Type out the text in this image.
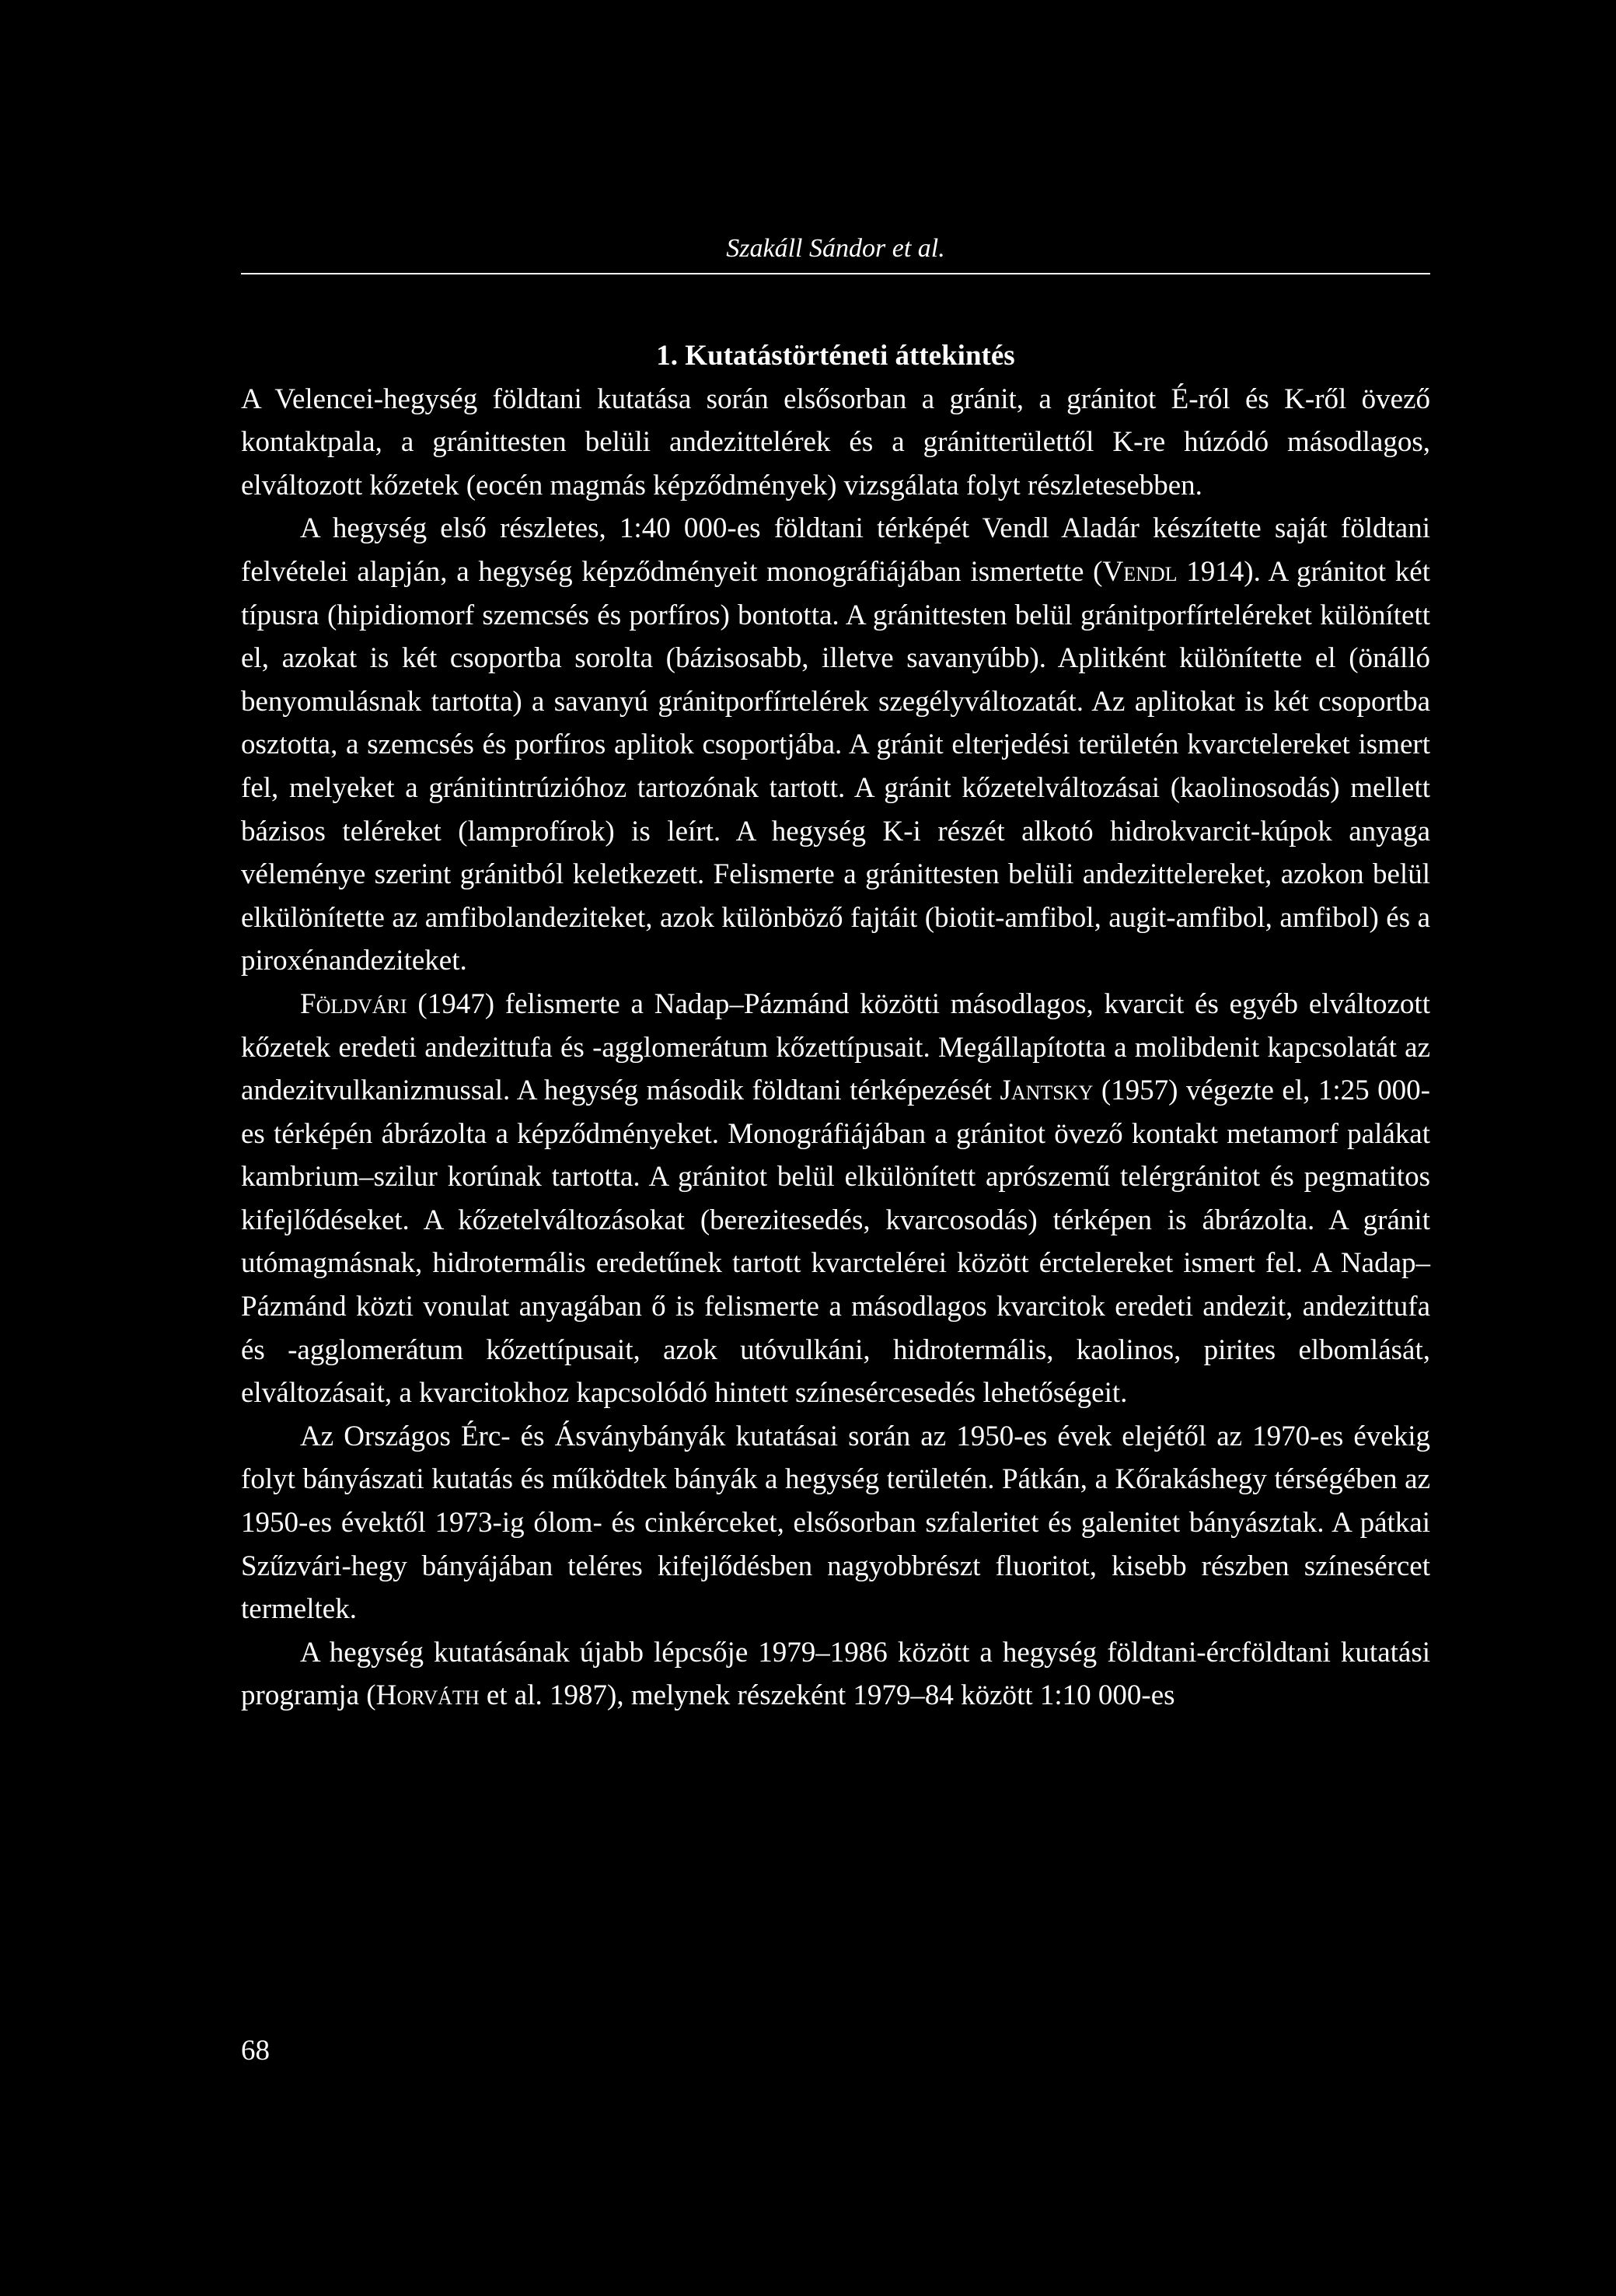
Szakáll Sándor et al.
1. Kutatástörténeti áttekintés

A Velencei-hegység földtani kutatása során elsősorban a gránit, a gránitot É-ról és K-ről övező kontaktpala, a gránittesten belüli andezittelérek és a gránitterülettől K-re húzódó másodlagos, elváltozott kőzetek (eocén magmás képződmények) vizsgálata folyt részletesebben.

A hegység első részletes, 1:40 000-es földtani térképét Vendl Aladár készítette saját földtani felvételei alapján, a hegység képződményeit monográfiájában ismertette (Vendl 1914). A gránitot két típusra (hipidiomorf szemcsés és porfíros) bontotta. A gránittesten belül gránitporfírteléreket különített el, azokat is két csoportba sorolta (bázisosabb, illetve savanyúbb). Aplitként különítette el (önálló benyomulásnak tartotta) a savanyú gránitporfírtelérek szegélyváltozatát. Az aplitokat is két csoportba osztotta, a szemcsés és porfíros aplitok csoportjába. A gránit elterjedési területén kvarctelereket ismert fel, melyeket a gránitintrúzióhoz tartozónak tartott. A gránit kőzetelváltozásai (kaolinosodás) mellett bázisos teléreket (lamprofírok) is leírt. A hegység K-i részét alkotó hidrokvarcit-kúpok anyaga véleménye szerint gránitból keletkezett. Felismerte a gránittesten belüli andezittelereket, azokon belül elkülönítette az amfibolandeziteket, azok különböző fajtáit (biotit-amfibol, augit-amfibol, amfibol) és a piroxénandeziteket.

Földvári (1947) felismerte a Nadap–Pázmánd közötti másodlagos, kvarcit és egyéb elváltozott kőzetek eredeti andezittufa és -agglomerátum kőzettípusait. Megállapította a molibdenit kapcsolatát az andezitvulkanizmussal. A hegység második földtani térképezését Jantsky (1957) végezte el, 1:25 000-es térképén ábrázolta a képződményeket. Monográfiájában a gránitot övező kontakt metamorf palákat kambrium–szilur korúnak tartotta. A gránitot belül elkülönített aprószemű telérgránitot és pegmatitos kifejlődéseket. A kőzetelváltozásokat (berezitesedés, kvarcosodás) térképen is ábrázolta. A gránit utómagmásnak, hidrotermális eredetűnek tartott kvarctelérei között érctelereket ismert fel. A Nadap–Pázmánd közti vonulat anyagában ő is felismerte a másodlagos kvarcitok eredeti andezit, andezittufa és -agglomerátum kőzettípusait, azok utóvulkáni, hidrotermális, kaolinos, pirites elbomlását, elváltozásait, a kvarcitokhoz kapcsolódó hintett színesércesedés lehetőségeit.

Az Országos Érc- és Ásványbányák kutatásai során az 1950-es évek elejétől az 1970-es évekig folyt bányászati kutatás és működtek bányák a hegység területén. Pátkán, a Kőrakáshegy térségében az 1950-es évektől 1973-ig ólom- és cinkérceket, elsősorban szfaleritet és galenitet bányásztak. A pátkai Szűzvári-hegy bányájában teléres kifejlődésben nagyobbrészt fluoritot, kisebb részben színesércet termeltek.

A hegység kutatásának újabb lépcsője 1979–1986 között a hegység földtani-ércföldtani kutatási programja (Horváth et al. 1987), melynek részeként 1979–84 között 1:10 000-es

68
